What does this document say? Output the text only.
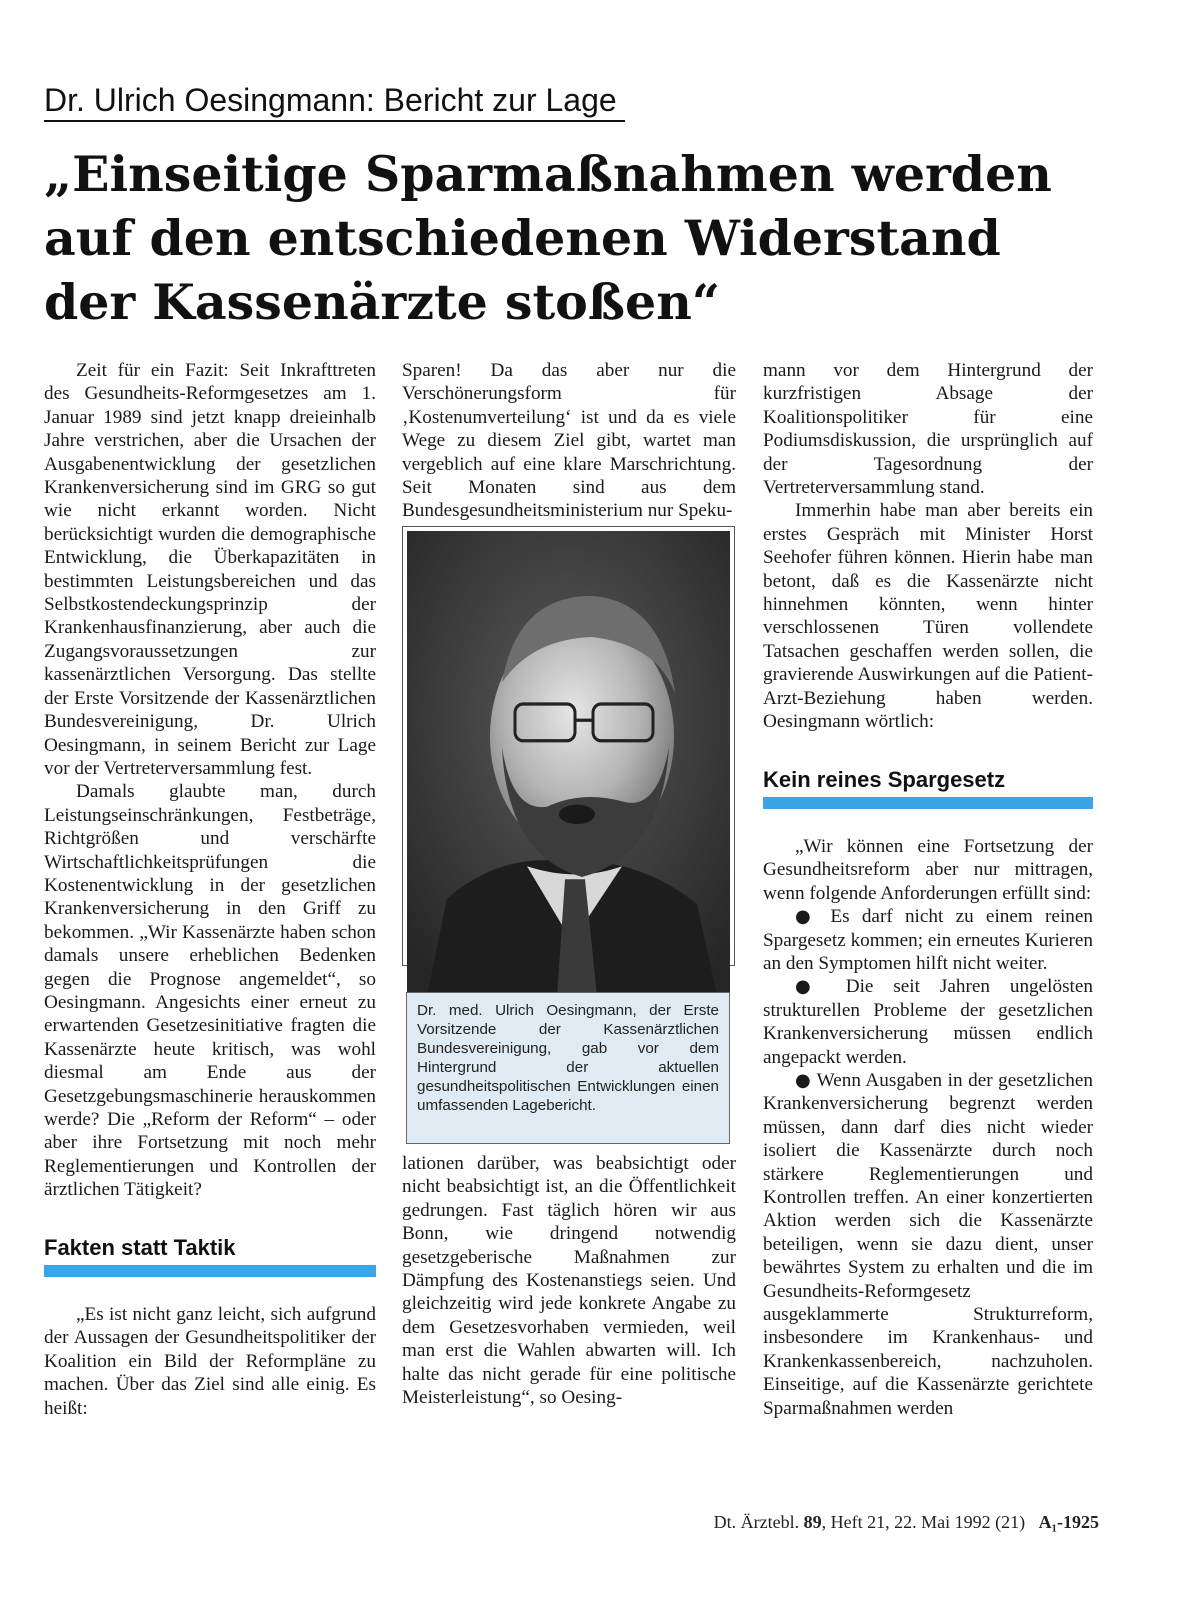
Dr. Ulrich Oesingmann: Bericht zur Lage
„Einseitige Sparmaßnahmen werden
auf den entschiedenen Widerstand
der Kassenärzte stoßen“

Zeit für ein Fazit: Seit Inkrafttreten des Gesundheits-Reformgesetzes am 1. Januar 1989 sind jetzt knapp dreieinhalb Jahre verstrichen, aber die Ursachen der Ausgabenentwicklung der gesetzlichen Krankenversicherung sind im GRG so gut wie nicht erkannt worden. Nicht berücksichtigt wurden die demographische Entwicklung, die Überkapazitäten in bestimmten Leistungsbereichen und das Selbstkostendeckungsprinzip der Krankenhausfinanzierung, aber auch die Zugangsvoraussetzungen zur kassenärztlichen Versorgung. Das stellte der Erste Vorsitzende der Kassenärztlichen Bundesvereinigung, Dr. Ulrich Oesingmann, in seinem Bericht zur Lage vor der Vertreterversammlung fest.

Damals glaubte man, durch Leistungseinschränkungen, Festbeträge, Richtgrößen und verschärfte Wirtschaftlichkeitsprüfungen die Kostenentwicklung in der gesetzlichen Krankenversicherung in den Griff zu bekommen. „Wir Kassenärzte haben schon damals unsere erheblichen Bedenken gegen die Prognose angemeldet“, so Oesingmann. Angesichts einer erneut zu erwartenden Gesetzesinitiative fragten die Kassenärzte heute kritisch, was wohl diesmal am Ende aus der Gesetzgebungsmaschinerie herauskommen werde? Die „Reform der Reform“ – oder aber ihre Fortsetzung mit noch mehr Reglementierungen und Kontrollen der ärztlichen Tätigkeit?

Fakten statt Taktik

„Es ist nicht ganz leicht, sich aufgrund der Aussagen der Gesundheitspolitiker der Koalition ein Bild der Reformpläne zu machen. Über das Ziel sind alle einig. Es heißt:

Sparen! Da das aber nur die Verschönerungsform für ‚Kostenumverteilung‘ ist und da es viele Wege zu diesem Ziel gibt, wartet man vergeblich auf eine klare Marschrichtung. Seit Monaten sind aus dem Bundesgesundheitsministerium nur Speku-

Dr. med. Ulrich Oesingmann, der Erste Vorsitzende der Kassenärztlichen Bundesvereinigung, gab vor dem Hintergrund der aktuellen gesundheitspolitischen Entwicklungen einen umfassenden Lagebericht.

lationen darüber, was beabsichtigt oder nicht beabsichtigt ist, an die Öffentlichkeit gedrungen. Fast täglich hören wir aus Bonn, wie dringend notwendig gesetzgeberische Maßnahmen zur Dämpfung des Kostenanstiegs seien. Und gleichzeitig wird jede konkrete Angabe zu dem Gesetzesvorhaben vermieden, weil man erst die Wahlen abwarten will. Ich halte das nicht gerade für eine politische Meisterleistung“, so Oesing-

mann vor dem Hintergrund der kurzfristigen Absage der Koalitionspolitiker für eine Podiumsdiskussion, die ursprünglich auf der Tagesordnung der Vertreterversammlung stand.

Immerhin habe man aber bereits ein erstes Gespräch mit Minister Horst Seehofer führen können. Hierin habe man betont, daß es die Kassenärzte nicht hinnehmen könnten, wenn hinter verschlossenen Türen vollendete Tatsachen geschaffen werden sollen, die gravierende Auswirkungen auf die Patient-Arzt-Beziehung haben werden. Oesingmann wörtlich:

Kein reines Spargesetz

„Wir können eine Fortsetzung der Gesundheitsreform aber nur mittragen, wenn folgende Anforderungen erfüllt sind:

● Es darf nicht zu einem reinen Spargesetz kommen; ein erneutes Kurieren an den Symptomen hilft nicht weiter.

● Die seit Jahren ungelösten strukturellen Probleme der gesetzlichen Krankenversicherung müssen endlich angepackt werden.

● Wenn Ausgaben in der gesetzlichen Krankenversicherung begrenzt werden müssen, dann darf dies nicht wieder isoliert die Kassenärzte durch noch stärkere Reglementierungen und Kontrollen treffen. An einer konzertierten Aktion werden sich die Kassenärzte beteiligen, wenn sie dazu dient, unser bewährtes System zu erhalten und die im Gesundheits-Reformgesetz ausgeklammerte Strukturreform, insbesondere im Krankenhaus- und Krankenkassenbereich, nachzuholen. Einseitige, auf die Kassenärzte gerichtete Sparmaßnahmen werden

Dt. Ärztebl. 89, Heft 21, 22. Mai 1992 (21) A₁-1925
